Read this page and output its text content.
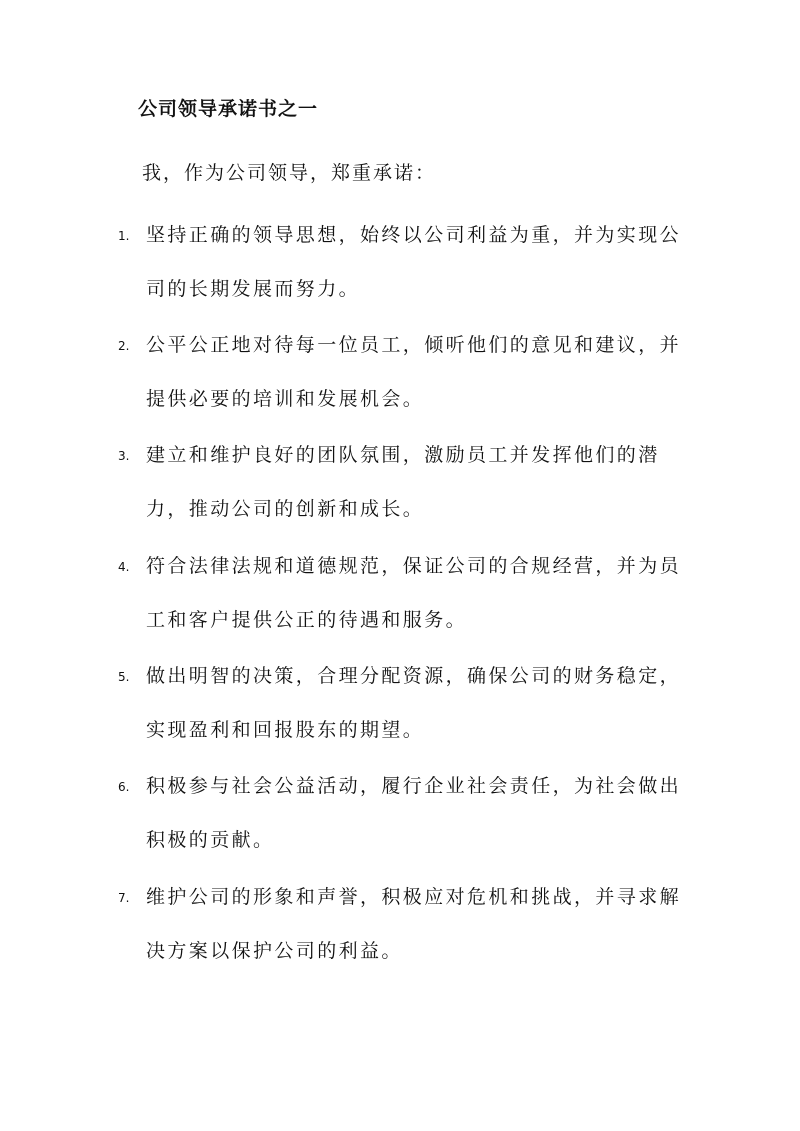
公司领导承诺书之一
我，作为公司领导，郑重承诺：
1. 坚持正确的领导思想，始终以公司利益为重，并为实现公司的长期发展而努力。
2. 公平公正地对待每一位员工，倾听他们的意见和建议，并提供必要的培训和发展机会。
3. 建立和维护良好的团队氛围，激励员工并发挥他们的潜力，推动公司的创新和成长。
4. 符合法律法规和道德规范，保证公司的合规经营，并为员工和客户提供公正的待遇和服务。
5. 做出明智的决策，合理分配资源，确保公司的财务稳定，实现盈利和回报股东的期望。
6. 积极参与社会公益活动，履行企业社会责任，为社会做出积极的贡献。
7. 维护公司的形象和声誉，积极应对危机和挑战，并寻求解决方案以保护公司的利益。
